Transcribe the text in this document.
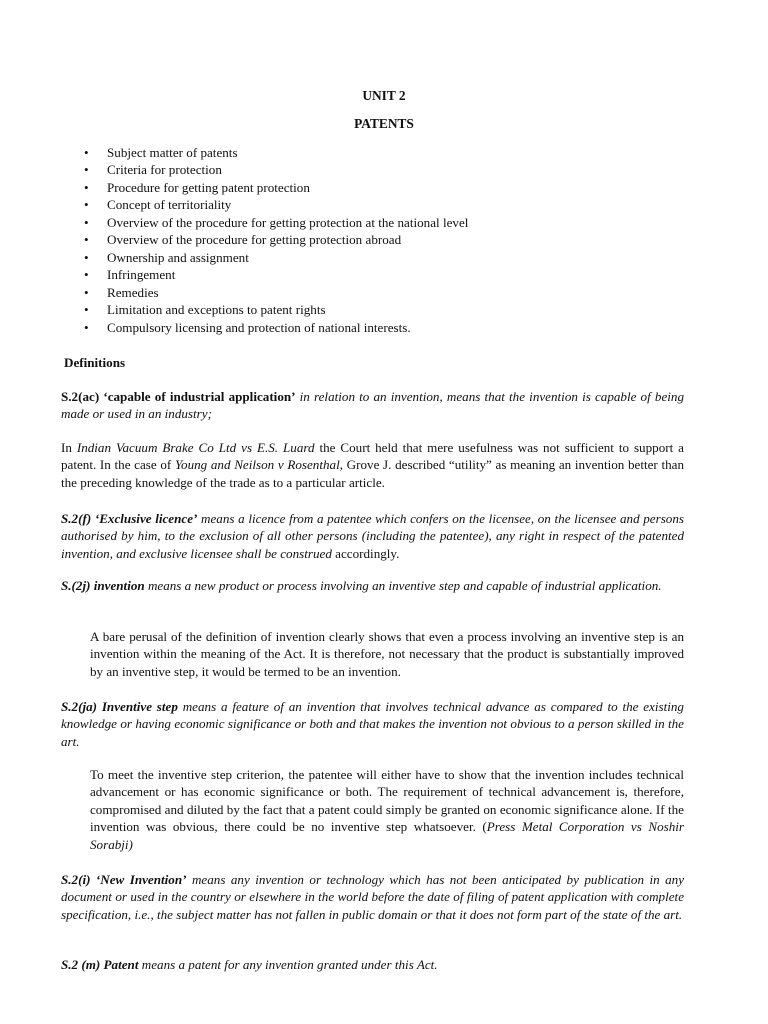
UNIT 2

PATENTS

• Subject matter of patents
• Criteria for protection
• Procedure for getting patent protection
• Concept of territoriality
• Overview of the procedure for getting protection at the national level
• Overview of the procedure for getting protection abroad
• Ownership and assignment
• Infringement
• Remedies
• Limitation and exceptions to patent rights
• Compulsory licensing and protection of national interests.

Definitions

S.2(ac) ‘capable of industrial application’ in relation to an invention, means that the invention is capable of being made or used in an industry;

In Indian Vacuum Brake Co Ltd vs E.S. Luard the Court held that mere usefulness was not sufficient to support a patent. In the case of Young and Neilson v Rosenthal, Grove J. described “utility” as meaning an invention better than the preceding knowledge of the trade as to a particular article.

S.2(f) ‘Exclusive licence’ means a licence from a patentee which confers on the licensee, on the licensee and persons authorised by him, to the exclusion of all other persons (including the patentee), any right in respect of the patented invention, and exclusive licensee shall be construed accordingly.

S.(2j) invention means a new product or process involving an inventive step and capable of industrial application.

A bare perusal of the definition of invention clearly shows that even a process involving an inventive step is an invention within the meaning of the Act. It is therefore, not necessary that the product is substantially improved by an inventive step, it would be termed to be an invention.

S.2(ja) Inventive step means a feature of an invention that involves technical advance as compared to the existing knowledge or having economic significance or both and that makes the invention not obvious to a person skilled in the art.

To meet the inventive step criterion, the patentee will either have to show that the invention includes technical advancement or has economic significance or both. The requirement of technical advancement is, therefore, compromised and diluted by the fact that a patent could simply be granted on economic significance alone. If the invention was obvious, there could be no inventive step whatsoever. (Press Metal Corporation vs Noshir Sorabji)

S.2(i) ‘New Invention’ means any invention or technology which has not been anticipated by publication in any document or used in the country or elsewhere in the world before the date of filing of patent application with complete specification, i.e., the subject matter has not fallen in public domain or that it does not form part of the state of the art.

S.2 (m) Patent means a patent for any invention granted under this Act.
